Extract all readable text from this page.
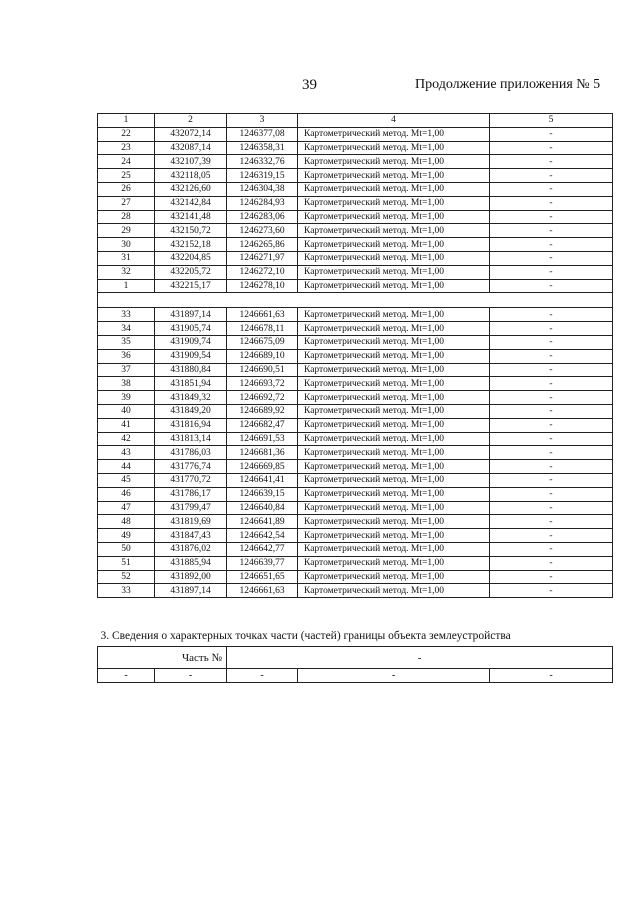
39	Продолжение приложения № 5
1	2	3	4	5
22	432072,14	1246377,08	Картометрический метод. Mt=1,00	-
23	432087,14	1246358,31	Картометрический метод. Mt=1,00	-
24	432107,39	1246332,76	Картометрический метод. Mt=1,00	-
25	432118,05	1246319,15	Картометрический метод. Mt=1,00	-
26	432126,60	1246304,38	Картометрический метод. Mt=1,00	-
27	432142,84	1246284,93	Картометрический метод. Mt=1,00	-
28	432141,48	1246283,06	Картометрический метод. Mt=1,00	-
29	432150,72	1246273,60	Картометрический метод. Mt=1,00	-
30	432152,18	1246265,86	Картометрический метод. Mt=1,00	-
31	432204,85	1246271,97	Картометрический метод. Mt=1,00	-
32	432205,72	1246272,10	Картометрический метод. Mt=1,00	-
1	432215,17	1246278,10	Картометрический метод. Mt=1,00	-

33	431897,14	1246661,63	Картометрический метод. Mt=1,00	-
34	431905,74	1246678,11	Картометрический метод. Mt=1,00	-
35	431909,74	1246675,09	Картометрический метод. Mt=1,00	-
36	431909,54	1246689,10	Картометрический метод. Mt=1,00	-
37	431880,84	1246690,51	Картометрический метод. Mt=1,00	-
38	431851,94	1246693,72	Картометрический метод. Mt=1,00	-
39	431849,32	1246692,72	Картометрический метод. Mt=1,00	-
40	431849,20	1246689,92	Картометрический метод. Mt=1,00	-
41	431816,94	1246682,47	Картометрический метод. Mt=1,00	-
42	431813,14	1246691,53	Картометрический метод. Mt=1,00	-
43	431786,03	1246681,36	Картометрический метод. Mt=1,00	-
44	431776,74	1246669,85	Картометрический метод. Mt=1,00	-
45	431770,72	1246641,41	Картометрический метод. Mt=1,00	-
46	431786,17	1246639,15	Картометрический метод. Mt=1,00	-
47	431799,47	1246640,84	Картометрический метод. Mt=1,00	-
48	431819,69	1246641,89	Картометрический метод. Mt=1,00	-
49	431847,43	1246642,54	Картометрический метод. Mt=1,00	-
50	431876,02	1246642,77	Картометрический метод. Mt=1,00	-
51	431885,94	1246639,77	Картометрический метод. Mt=1,00	-
52	431892,00	1246651,65	Картометрический метод. Mt=1,00	-
33	431897,14	1246661,63	Картометрический метод. Mt=1,00	-
3. Сведения о характерных точках части (частей) границы объекта землеустройства				
Часть №		-		
-	-	-	-	-
